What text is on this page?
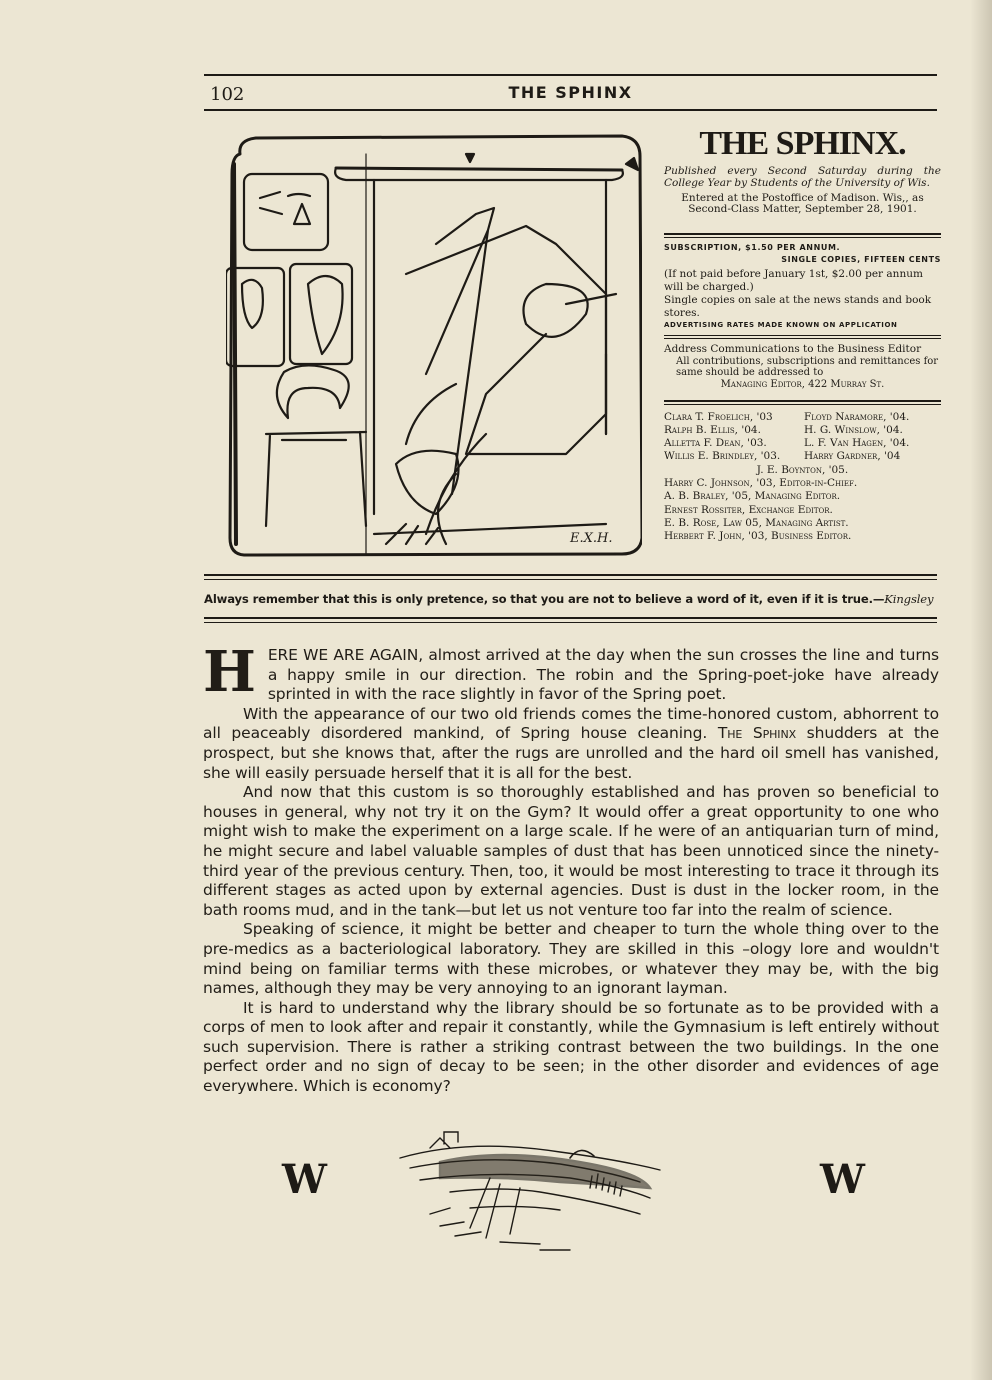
102	THE SPHINX
E.X.H.
THE SPHINX.
Published every Second Saturday during the College Year by Students of the University of Wis.
Entered at the Postoffice of Madison. Wis,, as
Second-Class Matter, September 28, 1901.
SUBSCRIPTION, $1.50 PER ANNUM.
SINGLE COPIES, FIFTEEN CENTS
(If not paid before January 1st, $2.00 per annum will be charged.)
Single copies on sale at the news stands and book stores.
ADVERTISING RATES MADE KNOWN ON APPLICATION
Address Communications to the Business Editor
All contributions, subscriptions and remittances for same should be addressed to
Managing Editor, 422 Murray St.
Clara T. Froelich, '03	Floyd Naramore, '04.
Ralph B. Ellis, '04.	H. G. Winslow, '04.
Alletta F. Dean, '03.	L. F. Van Hagen, '04.
Willis E. Brindley, '03.	Harry Gardner, '04
J. E. Boynton, '05.
Harry C. Johnson, '03, Editor-in-Chief.
A. B. Braley, '05, Managing Editor.
Ernest Rossiter, Exchange Editor.
E. B. Rose, Law 05, Managing Artist.
Herbert F. John, '03, Business Editor.
Always remember that this is only pretence, so that you are not to believe a word of it, even if it is true.—Kingsley

HERE WE ARE AGAIN, almost arrived at the day when the sun crosses the line and turns a happy smile in our direction. The robin and the Spring-poet-joke have already sprinted in with the race slightly in favor of the Spring poet.

With the appearance of our two old friends comes the time-honored custom, abhorrent to all peaceably disordered mankind, of Spring house cleaning. The Sphinx shudders at the prospect, but she knows that, after the rugs are unrolled and the hard oil smell has vanished, she will easily persuade herself that it is all for the best.

And now that this custom is so thoroughly established and has proven so beneficial to houses in general, why not try it on the Gym? It would offer a great opportunity to one who might wish to make the experiment on a large scale. If he were of an antiquarian turn of mind, he might secure and label valuable samples of dust that has been unnoticed since the ninety-third year of the previous century. Then, too, it would be most interesting to trace it through its different stages as acted upon by external agencies. Dust is dust in the locker room, in the bath rooms mud, and in the tank—but let us not venture too far into the realm of science.

Speaking of science, it might be better and cheaper to turn the whole thing over to the pre-medics as a bacteriological laboratory. They are skilled in this –ology lore and wouldn't mind being on familiar terms with these microbes, or whatever they may be, with the big names, although they may be very annoying to an ignorant layman.

It is hard to understand why the library should be so fortunate as to be provided with a corps of men to look after and repair it constantly, while the Gymnasium is left entirely without such supervision. There is rather a striking contrast between the two buildings. In the one perfect order and no sign of decay to be seen; in the other disorder and evidences of age everywhere. Which is economy?

W	W
